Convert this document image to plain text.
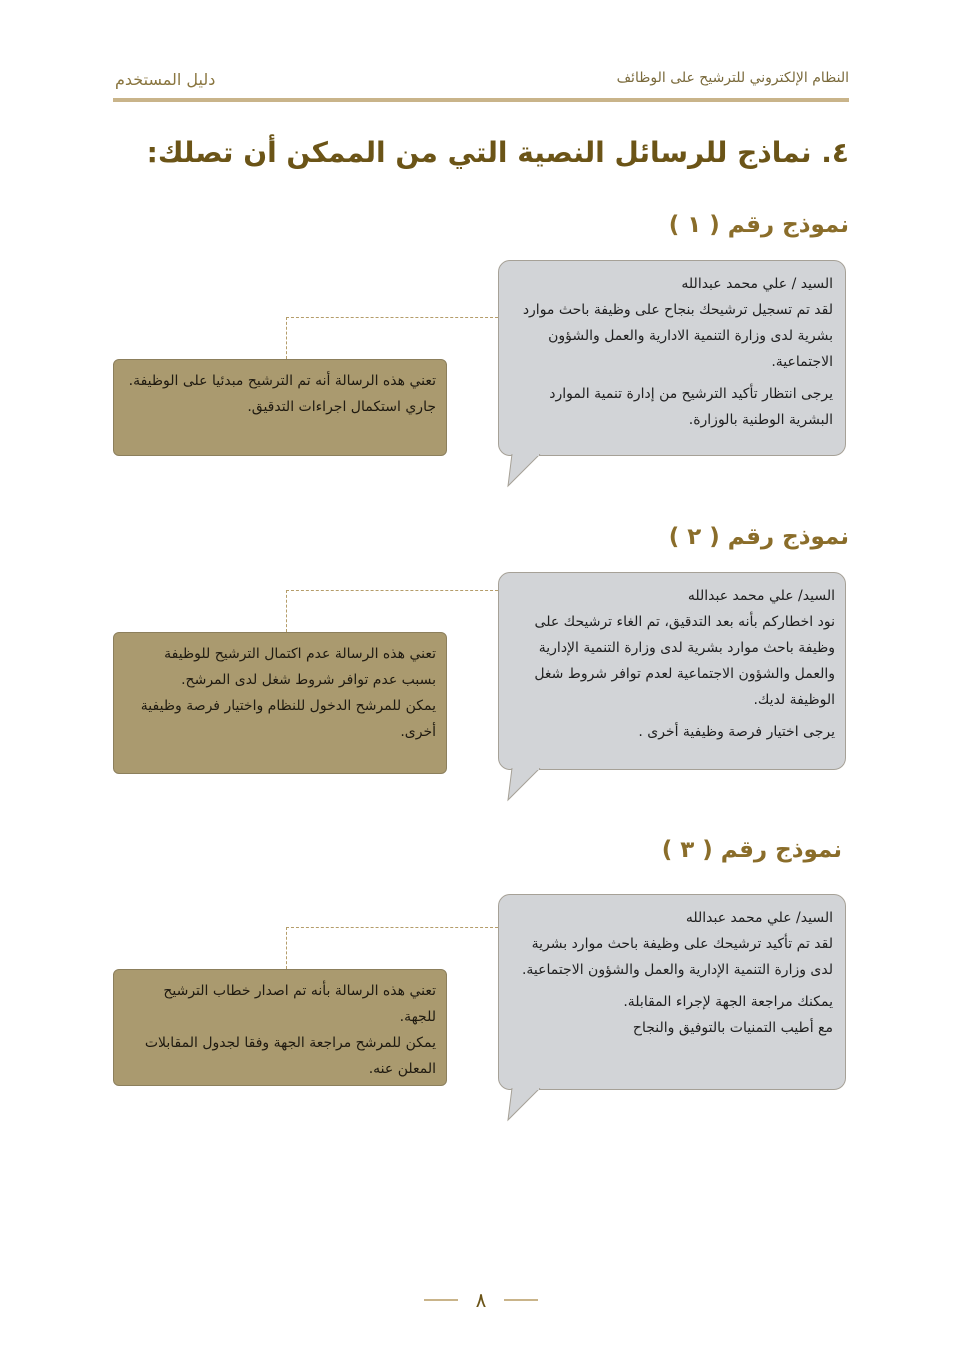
النظام الإلكتروني للترشيح على الوظائف
دليل المستخدم
٤. نماذج للرسائل النصية التي من الممكن أن تصلك:
نموذج رقم ( ١ )

السيد / علي محمد عبدالله
لقد تم تسجيل ترشيحك بنجاح على وظيفة باحث موارد بشرية لدى وزارة التنمية الادارية والعمل والشؤون الاجتماعية.

يرجى انتظار تأكيد الترشيح من إدارة تنمية الموارد البشرية الوطنية بالوزارة.

تعني هذه الرسالة أنه تم الترشيح مبدئيا على الوظيفة.
جاري استكمال اجراءات التدقيق.

نموذج رقم ( ٢ )

السيد/ علي محمد عبدالله
نود اخطاركم بأنه بعد التدقيق، تم الغاء ترشيحك على وظيفة باحث موارد بشرية لدى وزارة التنمية الإدارية والعمل والشؤون الاجتماعية لعدم توافر شروط شغل الوظيفة لديك.

يرجى اختيار فرصة وظيفية أخرى .

تعني هذه الرسالة عدم اكتمال الترشيح للوظيفة بسبب عدم توافر شروط شغل لدى المرشح.
يمكن للمرشح الدخول للنظام واختيار فرصة وظيفية أخرى.

نموذج رقم ( ٣ )

السيد/ علي محمد عبدالله
لقد تم تأكيد ترشيحك على وظيفة باحث موارد بشرية لدى وزارة التنمية الإدارية والعمل والشؤون الاجتماعية.

يمكنك مراجعة الجهة لإجراء المقابلة.
مع أطيب التمنيات بالتوفيق والنجاح

تعني هذه الرسالة بأنه تم اصدار خطاب الترشيح للجهة.
يمكن للمرشح مراجعة الجهة وفقا لجدول المقابلات المعلن عنه.

٨
